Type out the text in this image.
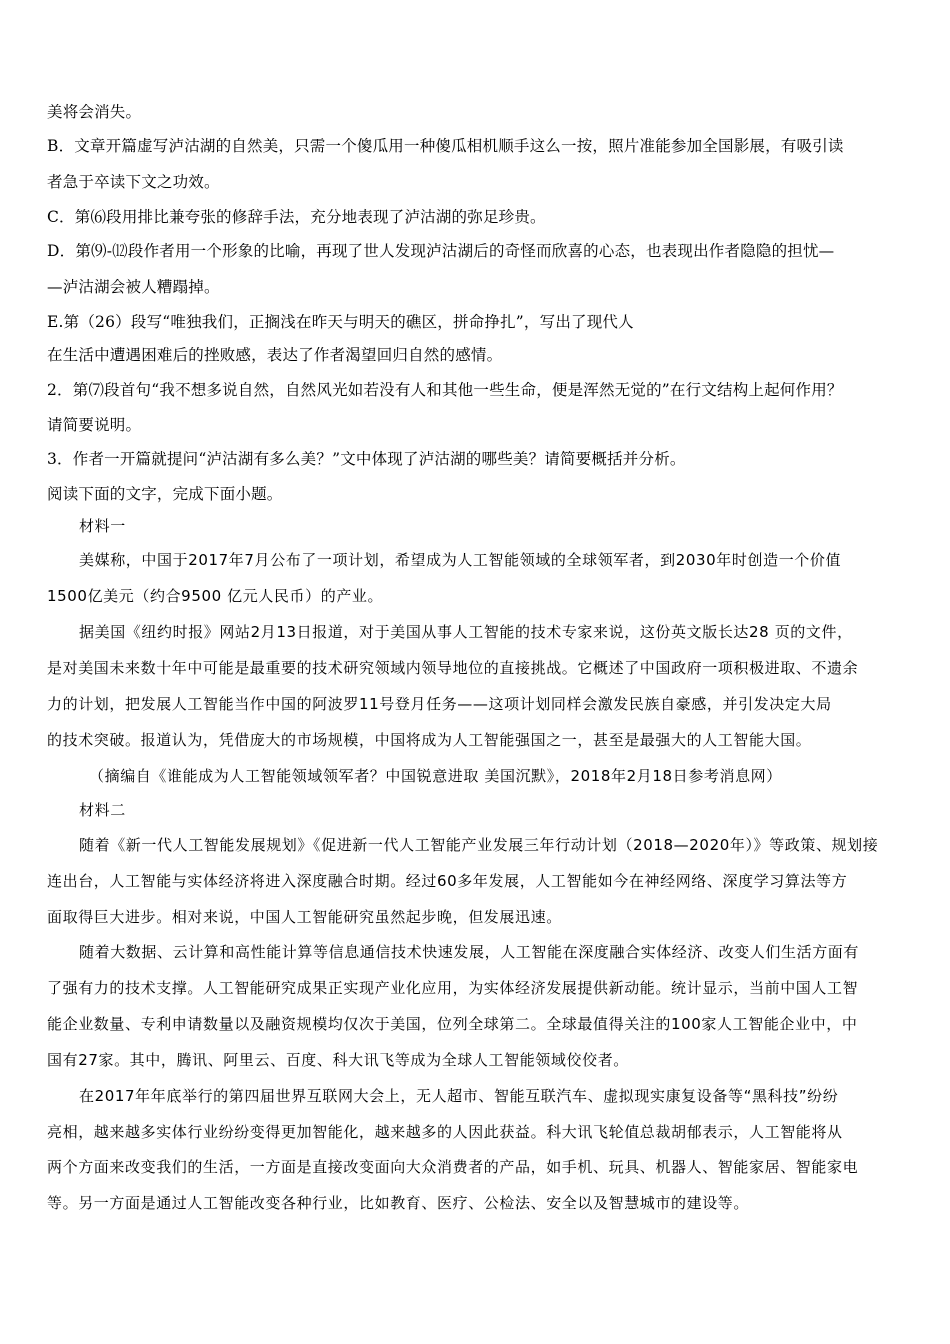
美将会消失。
B．文章开篇虚写泸沽湖的自然美，只需一个傻瓜用一种傻瓜相机顺手这么一按，照片准能参加全国影展，有吸引读
者急于卒读下文之功效。
C．第⑹段用排比兼夸张的修辞手法，充分地表现了泸沽湖的弥足珍贵。
D．第⑼-⑿段作者用一个形象的比喻，再现了世人发现泸沽湖后的奇怪而欣喜的心态，也表现出作者隐隐的担忧—
—泸沽湖会被人糟蹋掉。
E.第（26）段写“唯独我们，正搁浅在昨天与明天的礁区，拼命挣扎”，写出了现代人
在生活中遭遇困难后的挫败感，表达了作者渴望回归自然的感情。
2．第⑺段首句“我不想多说自然，自然风光如若没有人和其他一些生命，便是浑然无觉的”在行文结构上起何作用？
请简要说明。
3．作者一开篇就提问“泸沽湖有多么美？”文中体现了泸沽湖的哪些美？请简要概括并分析。
阅读下面的文字，完成下面小题。
材料一
美媒称，中国于2017年7月公布了一项计划，希望成为人工智能领域的全球领军者，到2030年时创造一个价值
1500亿美元（约合9500 亿元人民币）的产业。
据美国《纽约时报》网站2月13日报道，对于美国从事人工智能的技术专家来说，这份英文版长达28 页的文件，
是对美国未来数十年中可能是最重要的技术研究领域内领导地位的直接挑战。它概述了中国政府一项积极进取、不遗余
力的计划，把发展人工智能当作中国的阿波罗11号登月任务——这项计划同样会激发民族自豪感，并引发决定大局
的技术突破。报道认为，凭借庞大的市场规模，中国将成为人工智能强国之一，甚至是最强大的人工智能大国。
（摘编自《谁能成为人工智能领域领军者？中国锐意进取 美国沉默》，2018年2月18日参考消息网）
材料二
随着《新一代人工智能发展规划》《促进新一代人工智能产业发展三年行动计划（2018—2020年）》等政策、规划接
连出台，人工智能与实体经济将进入深度融合时期。经过60多年发展，人工智能如今在神经网络、深度学习算法等方
面取得巨大进步。相对来说，中国人工智能研究虽然起步晚，但发展迅速。
随着大数据、云计算和高性能计算等信息通信技术快速发展，人工智能在深度融合实体经济、改变人们生活方面有
了强有力的技术支撑。人工智能研究成果正实现产业化应用，为实体经济发展提供新动能。统计显示，当前中国人工智
能企业数量、专利申请数量以及融资规模均仅次于美国，位列全球第二。全球最值得关注的100家人工智能企业中，中
国有27家。其中，腾讯、阿里云、百度、科大讯飞等成为全球人工智能领域佼佼者。
在2017年年底举行的第四届世界互联网大会上，无人超市、智能互联汽车、虚拟现实康复设备等“黑科技”纷纷
亮相，越来越多实体行业纷纷变得更加智能化，越来越多的人因此获益。科大讯飞轮值总裁胡郁表示，人工智能将从
两个方面来改变我们的生活，一方面是直接改变面向大众消费者的产品，如手机、玩具、机器人、智能家居、智能家电
等。另一方面是通过人工智能改变各种行业，比如教育、医疗、公检法、安全以及智慧城市的建设等。
